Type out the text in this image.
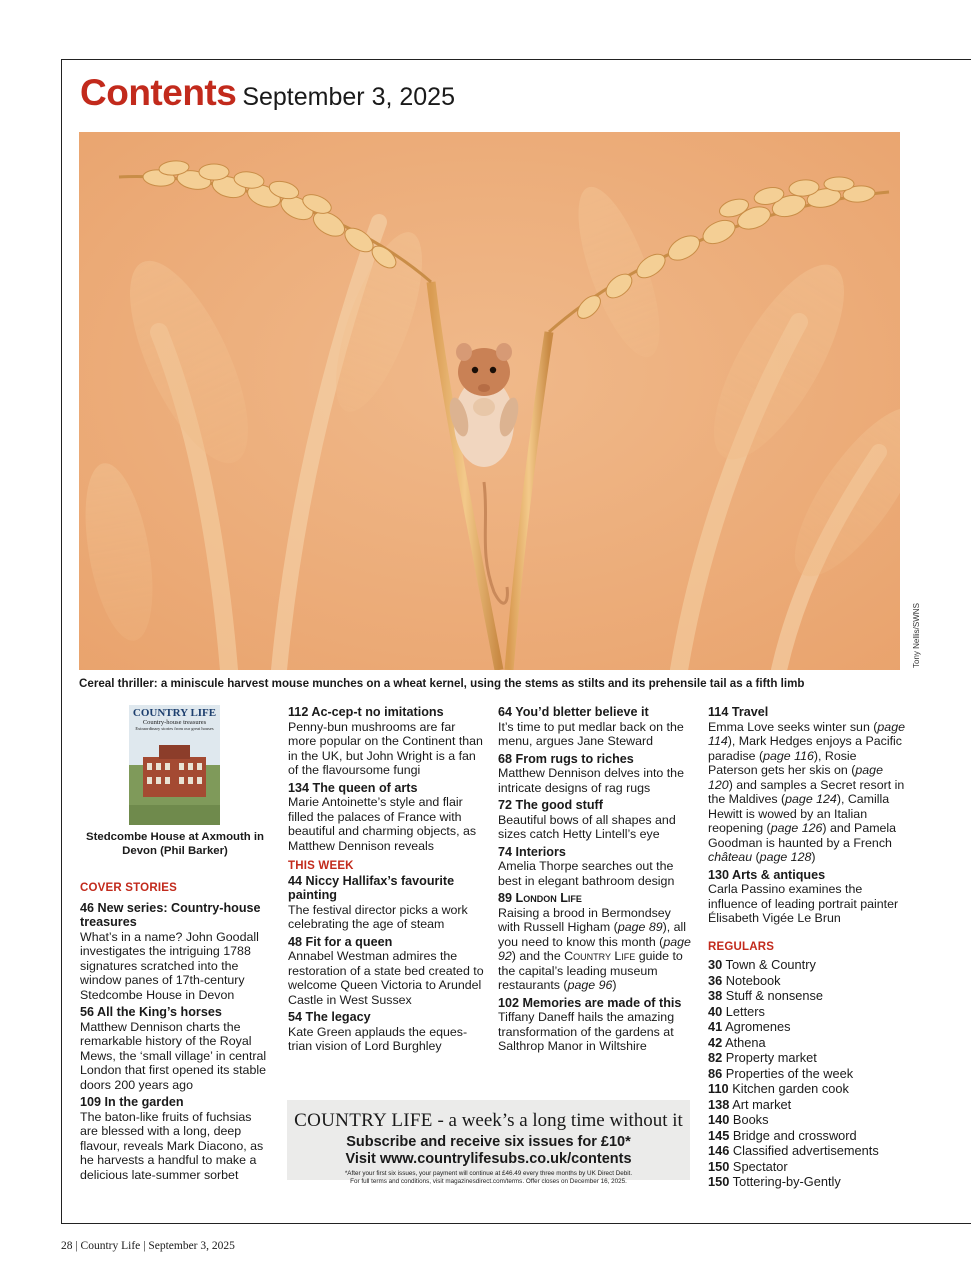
Contents September 3, 2025
Tony Nellis/SWNS
Cereal thriller: a miniscule harvest mouse munches on a wheat kernel, using the stems as stilts and its prehensile tail as a fifth limb
COUNTRY LIFE
Country-house treasures
Extraordinary stories from our great houses
Stedcombe House at Axmouth in Devon (Phil Barker)
COVER STORIES
46 New series: Country-house treasures
What’s in a name? John Goodall investigates the intriguing 1788 signatures scratched into the window panes of 17th-century Stedcombe House in Devon
56 All the King’s horses
Matthew Dennison charts the remarkable history of the Royal Mews, the ‘small village’ in central London that first opened its stable doors 200 years ago
109 In the garden
The baton-like fruits of fuchsias are blessed with a long, deep flavour, reveals Mark Diacono, as he harvests a handful to make a delicious late-summer sorbet
112 Ac-cep-t no imitations
Penny-bun mushrooms are far more popular on the Continent than in the UK, but John Wright is a fan of the flavoursome fungi
134 The queen of arts
Marie Antoinette’s style and flair filled the palaces of France with beautiful and charming objects, as Matthew Dennison reveals
THIS WEEK
44 Niccy Hallifax’s favourite painting
The festival director picks a work celebrating the age of steam
48 Fit for a queen
Annabel Westman admires the restoration of a state bed created to welcome Queen Victoria to Arundel Castle in West Sussex
54 The legacy
Kate Green applauds the eques-trian vision of Lord Burghley
64 You’d bletter believe it
It’s time to put medlar back on the menu, argues Jane Steward
68 From rugs to riches
Matthew Dennison delves into the intricate designs of rag rugs
72 The good stuff
Beautiful bows of all shapes and sizes catch Hetty Lintell’s eye
74 Interiors
Amelia Thorpe searches out the best in elegant bathroom design
89 London Life
Raising a brood in Bermondsey with Russell Higham (page 89), all you need to know this month (page 92) and the Country Life guide to the capital’s leading museum restaurants (page 96)
102 Memories are made of this
Tiffany Daneff hails the amazing transformation of the gardens at Salthrop Manor in Wiltshire
114 Travel
Emma Love seeks winter sun (page 114), Mark Hedges enjoys a Pacific paradise (page 116), Rosie Paterson gets her skis on (page 120) and samples a Secret resort in the Maldives (page 124), Camilla Hewitt is wowed by an Italian reopening (page 126) and Pamela Goodman is haunted by a French château (page 128)
130 Arts & antiques
Carla Passino examines the influence of leading portrait painter Élisabeth Vigée Le Brun
REGULARS
30 Town & Country
36 Notebook
38 Stuff & nonsense
40 Letters
41 Agromenes
42 Athena
82 Property market
86 Properties of the week
110 Kitchen garden cook
138 Art market
140 Books
145 Bridge and crossword
146 Classified advertisements
150 Spectator
150 Tottering-by-Gently
COUNTRY LIFE - a week’s a long time without it
Subscribe and receive six issues for £10*
Visit www.countrylifesubs.co.uk/contents
*After your first six issues, your payment will continue at £46.49 every three months by UK Direct Debit.
For full terms and conditions, visit magazinesdirect.com/terms. Offer closes on December 16, 2025.
28 | Country Life | September 3, 2025
